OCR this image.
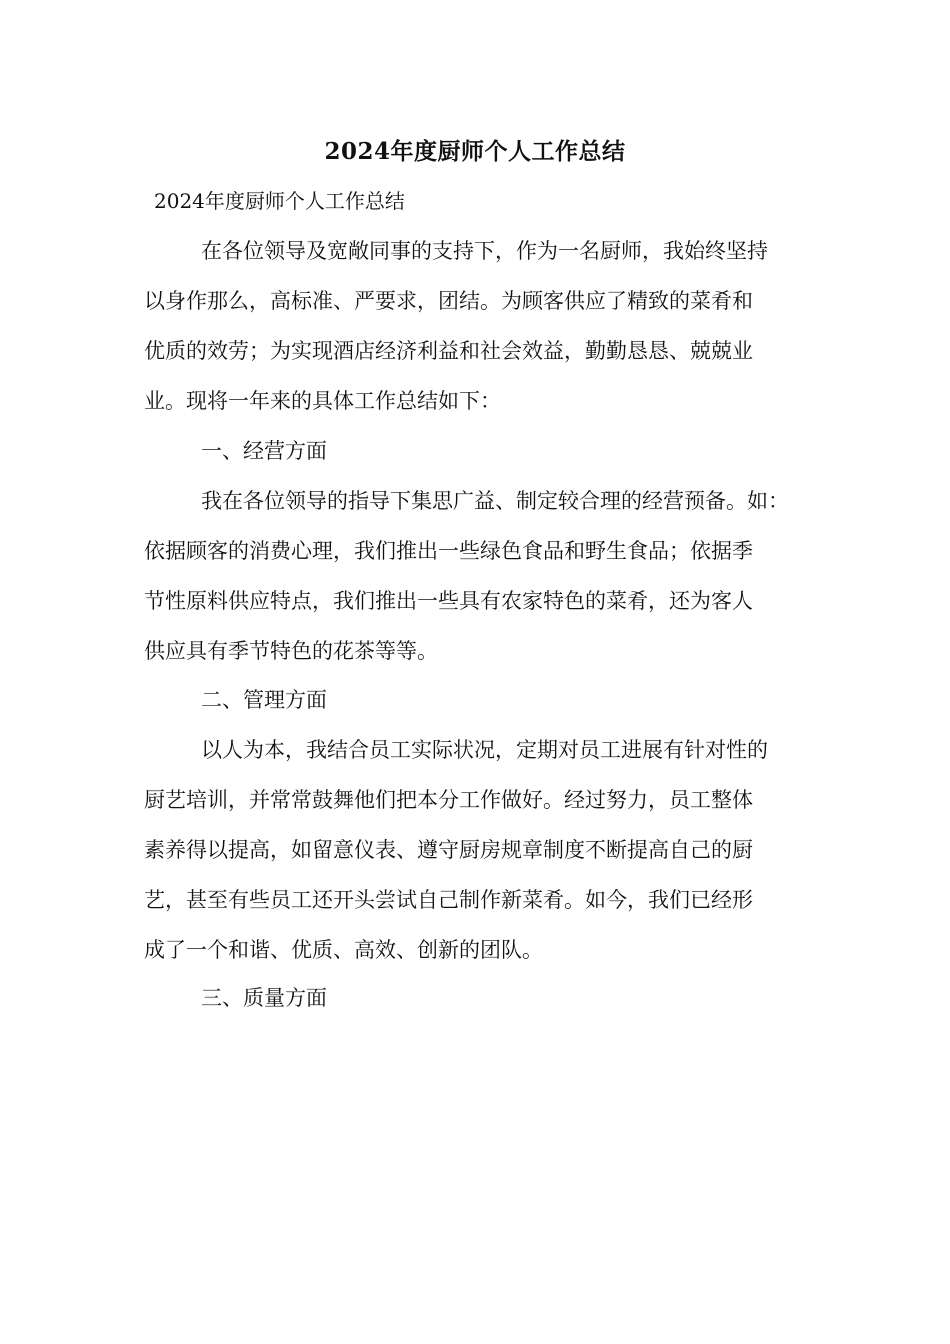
2024年度厨师个人工作总结
2024年度厨师个人工作总结
在各位领导及宽敞同事的支持下，作为一名厨师，我始终坚持
以身作那么，高标准、严要求，团结。为顾客供应了精致的菜肴和
优质的效劳；为实现酒店经济利益和社会效益，勤勤恳恳、兢兢业
业。现将一年来的具体工作总结如下：
一、经营方面
我在各位领导的指导下集思广益、制定较合理的经营预备。如：
依据顾客的消费心理，我们推出一些绿色食品和野生食品；依据季
节性原料供应特点，我们推出一些具有农家特色的菜肴，还为客人
供应具有季节特色的花茶等等。
二、管理方面
以人为本，我结合员工实际状况，定期对员工进展有针对性的
厨艺培训，并常常鼓舞他们把本分工作做好。经过努力，员工整体
素养得以提高，如留意仪表、遵守厨房规章制度不断提高自己的厨
艺，甚至有些员工还开头尝试自己制作新菜肴。如今，我们已经形
成了一个和谐、优质、高效、创新的团队。
三、质量方面
